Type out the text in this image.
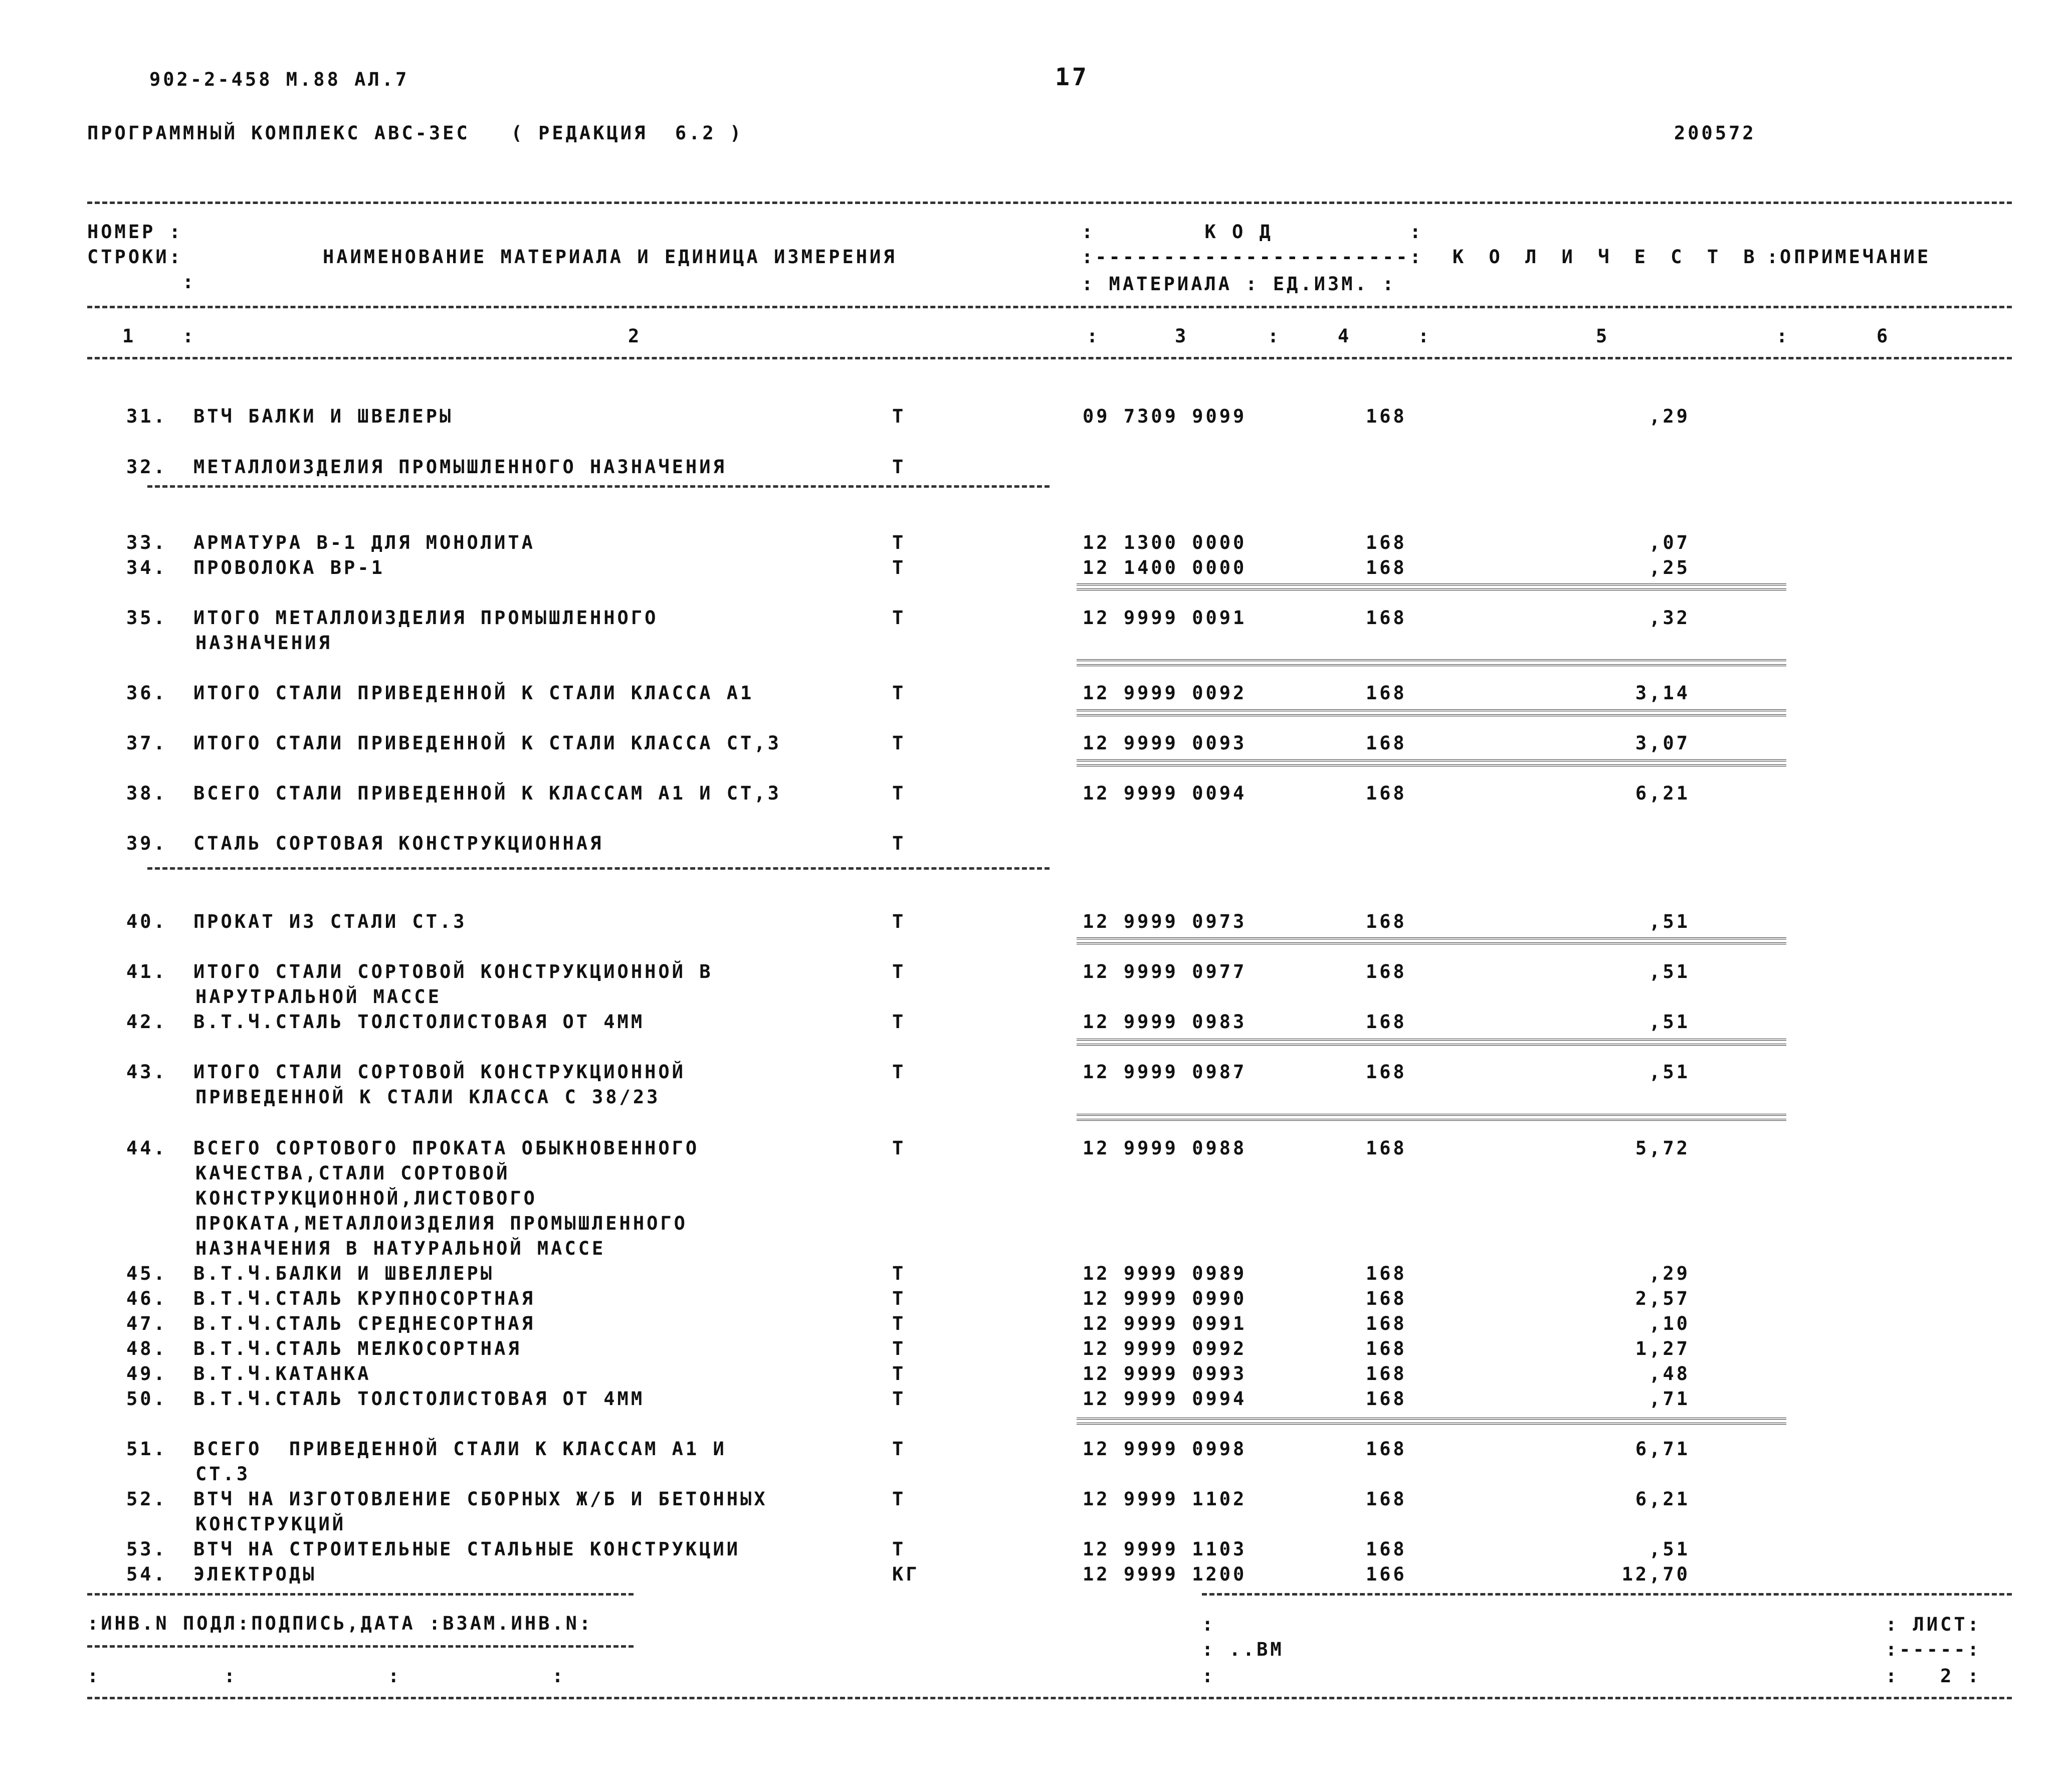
902-2-458 М.88 АЛ.7	17
ПРОГРАММНЫЙ КОМПЛЕКС АВС-3ЕС   ( РЕДАКЦИЯ  6.2 )	200572
НОМЕР :
СТРОКИ:
:
НАИМЕНОВАНИЕ МАТЕРИАЛА И ЕДИНИЦА ИЗМЕРЕНИЯ
:        К О Д          :
:-----------------------:
: МАТЕРИАЛА : ЕД.ИЗМ. :
К О Л И Ч Е С Т В О
: ПРИМЕЧАНИЕ
1	:	2	:	3	:	4	:	5	:	6
31. ВТЧ БАЛКИ И ШВЕЛЕРЫ	Т	09 7309 9099	168	,29
32. МЕТАЛЛОИЗДЕЛИЯ ПРОМЫШЛЕННОГО НАЗНАЧЕНИЯ	Т
33. АРМАТУРА В-1 ДЛЯ МОНОЛИТА	Т	12 1300 0000	168	,07
34. ПРОВОЛОКА ВР-1	Т	12 1400 0000	168	,25
35. ИТОГО МЕТАЛЛОИЗДЕЛИЯ ПРОМЫШЛЕННОГО
НАЗНАЧЕНИЯ
Т	12 9999 0091	168	,32
36. ИТОГО СТАЛИ ПРИВЕДЕННОЙ К СТАЛИ КЛАССА А1	Т	12 9999 0092	168	3,14
37. ИТОГО СТАЛИ ПРИВЕДЕННОЙ К СТАЛИ КЛАССА СТ,3	Т	12 9999 0093	168	3,07
38. ВСЕГО СТАЛИ ПРИВЕДЕННОЙ К КЛАССАМ А1 И СТ,3	Т	12 9999 0094	168	6,21
39. СТАЛЬ СОРТОВАЯ КОНСТРУКЦИОННАЯ	Т
40. ПРОКАТ ИЗ СТАЛИ СТ.3	Т	12 9999 0973	168	,51
41. ИТОГО СТАЛИ СОРТОВОЙ КОНСТРУКЦИОННОЙ В
НАРУТРАЛЬНОЙ МАССЕ
Т	12 9999 0977	168	,51
42. В.Т.Ч.СТАЛЬ ТОЛСТОЛИСТОВАЯ ОТ 4ММ	Т	12 9999 0983	168	,51
43. ИТОГО СТАЛИ СОРТОВОЙ КОНСТРУКЦИОННОЙ
ПРИВЕДЕННОЙ К СТАЛИ КЛАССА С 38/23
Т	12 9999 0987	168	,51
44. ВСЕГО СОРТОВОГО ПРОКАТА ОБЫКНОВЕННОГО
КАЧЕСТВА,СТАЛИ СОРТОВОЙ
КОНСТРУКЦИОННОЙ,ЛИСТОВОГО
ПРОКАТА,МЕТАЛЛОИЗДЕЛИЯ ПРОМЫШЛЕННОГО
НАЗНАЧЕНИЯ В НАТУРАЛЬНОЙ МАССЕ
Т	12 9999 0988	168	5,72
45. В.Т.Ч.БАЛКИ И ШВЕЛЛЕРЫ	Т	12 9999 0989	168	,29
46. В.Т.Ч.СТАЛЬ КРУПНОСОРТНАЯ	Т	12 9999 0990	168	2,57
47. В.Т.Ч.СТАЛЬ СРЕДНЕСОРТНАЯ	Т	12 9999 0991	168	,10
48. В.Т.Ч.СТАЛЬ МЕЛКОСОРТНАЯ	Т	12 9999 0992	168	1,27
49. В.Т.Ч.КАТАНКА	Т	12 9999 0993	168	,48
50. В.Т.Ч.СТАЛЬ ТОЛСТОЛИСТОВАЯ ОТ 4ММ	Т	12 9999 0994	168	,71
51. ВСЕГО  ПРИВЕДЕННОЙ СТАЛИ К КЛАССАМ А1 И
СТ.3
Т	12 9999 0998	168	6,71
52. ВТЧ НА ИЗГОТОВЛЕНИЕ СБОРНЫХ Ж/Б И БЕТОННЫХ
КОНСТРУКЦИЙ
Т	12 9999 1102	168	6,21
53. ВТЧ НА СТРОИТЕЛЬНЫЕ СТАЛЬНЫЕ КОНСТРУКЦИИ	Т	12 9999 1103	168	,51
54. ЭЛЕКТРОДЫ	КГ	12 9999 1200	166	12,70
:ИНВ.N ПОДЛ:ПОДПИСЬ,ДАТА :ВЗАМ.ИНВ.N:
:         :           :           :
:
: ..ВМ
:
: ЛИСТ:
:-----:
:   2 :
